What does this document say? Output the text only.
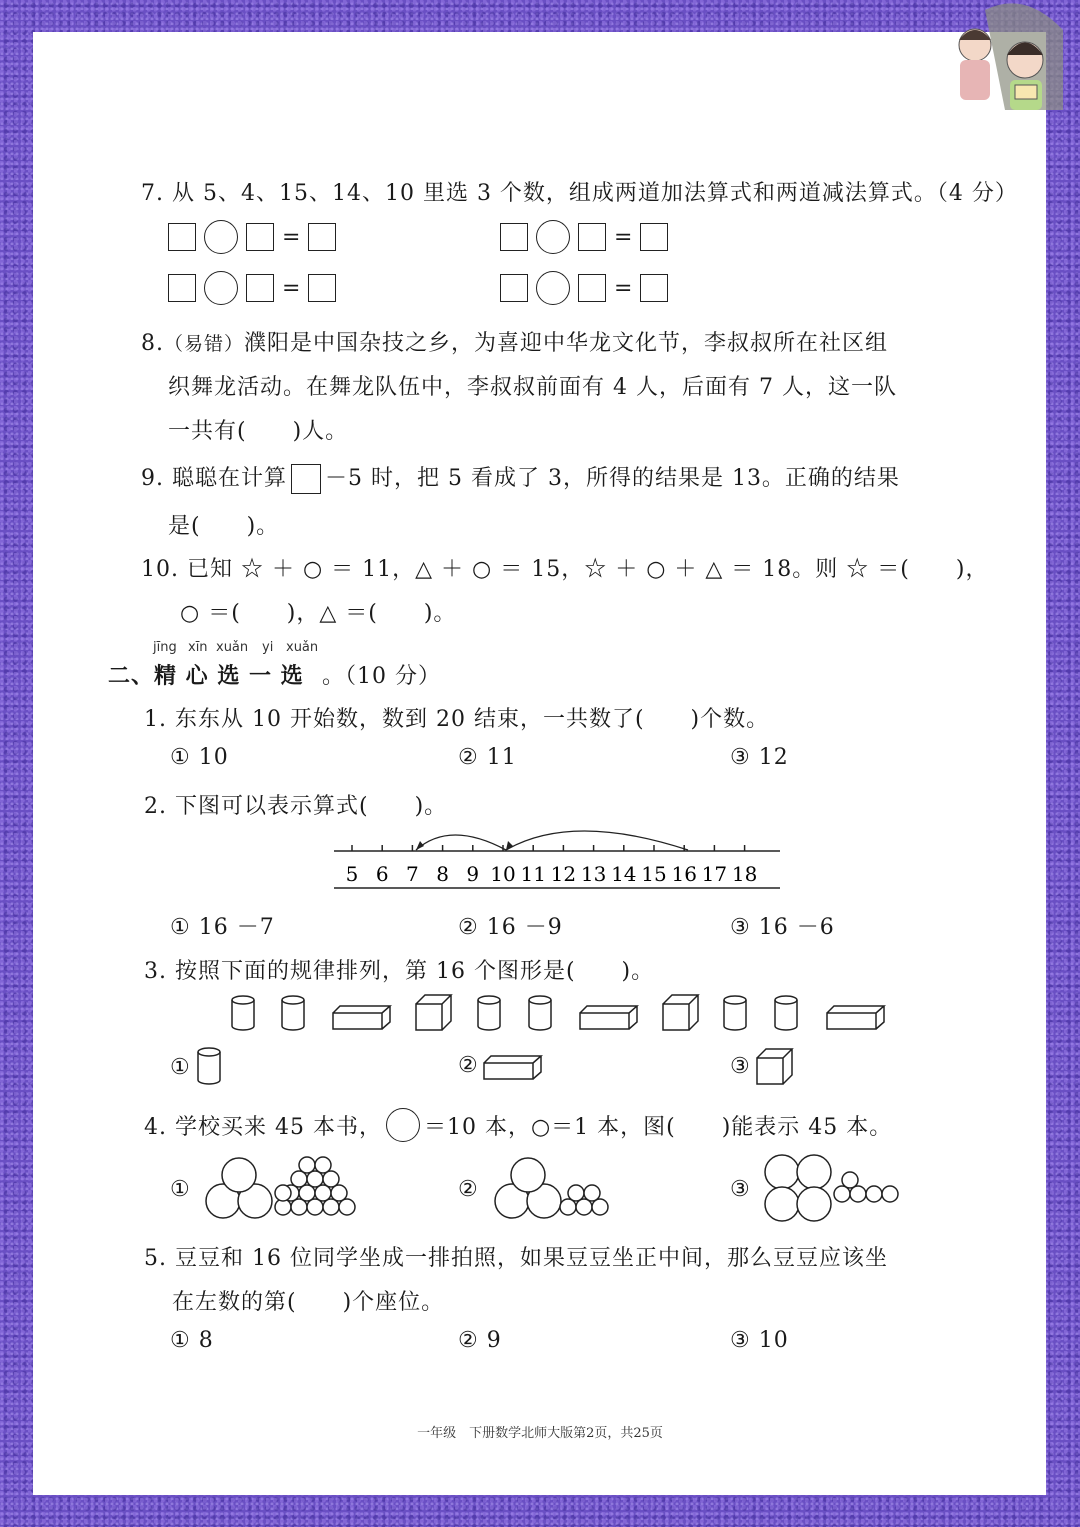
7. 从 5、4、15、14、10 里选 3 个数，组成两道加法算式和两道减法算式。（4 分）
=	=
=	=
8.（易错）濮阳是中国杂技之乡，为喜迎中华龙文化节，李叔叔所在社区组
织舞龙活动。在舞龙队伍中，李叔叔前面有 4 人，后面有 7 人，这一队
一共有(　　)人。
9. 聪聪在计算 －5 时，把 5 看成了 3，所得的结果是 13。正确的结果
是(　　)。
10. 已知 ☆ ＋ ○ ＝ 11，△ ＋ ○ ＝ 15，☆ ＋ ○ ＋ △ ＝ 18。则 ☆ ＝(　　)，
○ ＝(　　)，△ ＝(　　)。
jīng xīn xuǎn yi xuǎn
二、精 心 选 一 选 。（10 分）
1. 东东从 10 开始数，数到 20 结束，一共数了(　　)个数。
① 10	② 11	③ 12
2. 下图可以表示算式(　　)。
5 6 7 8 9 10 11 12 13 14 15 16 17 18
① 16 －7	② 16 －9	③ 16 －6
3. 按照下面的规律排列，第 16 个图形是(　　)。
①	②	③
4. 学校买来 45 本书， ＝10 本，○＝1 本，图(　　)能表示 45 本。
①	②	③
5. 豆豆和 16 位同学坐成一排拍照，如果豆豆坐正中间，那么豆豆应该坐
在左数的第(　　)个座位。
① 8	② 9	③ 10
一年级　下册数学北师大版第2页，共25页
